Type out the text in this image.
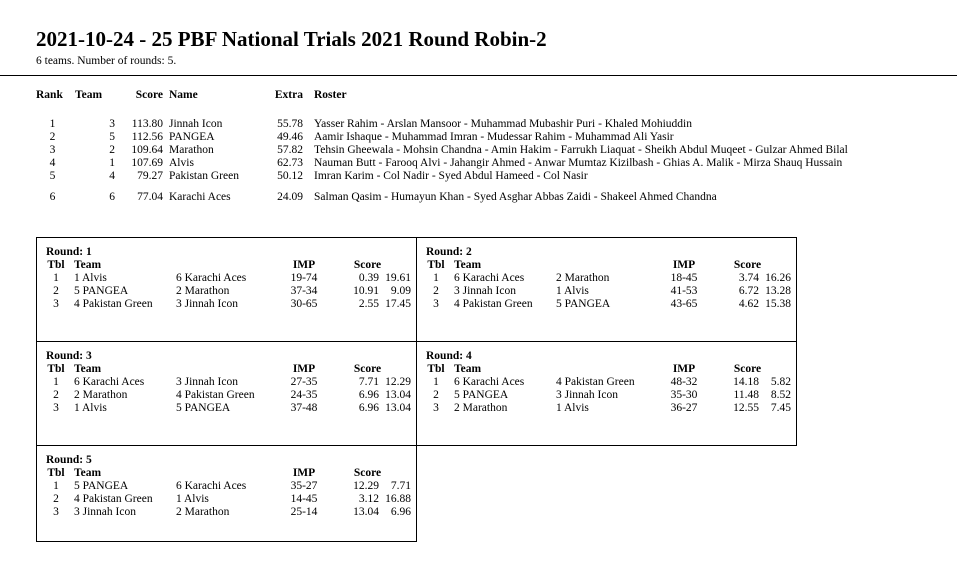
2021-10-24 - 25 PBF National Trials 2021 Round Robin-2
6 teams. Number of rounds: 5.
Rank	Team	Score	Name	Extra	Roster

1	3	113.80	Jinnah Icon	55.78	Yasser Rahim - Arslan Mansoor - Muhammad Mubashir Puri - Khaled Mohiuddin
2	5	112.56	PANGEA	49.46	Aamir Ishaque - Muhammad Imran - Mudessar Rahim - Muhammad Ali Yasir
3	2	109.64	Marathon	57.82	Tehsin Gheewala - Mohsin Chandna - Amin Hakim - Farrukh Liaquat - Sheikh Abdul Muqeet - Gulzar Ahmed Bilal
4	1	107.69	Alvis	62.73	Nauman Butt - Farooq Alvi - Jahangir Ahmed - Anwar Mumtaz Kizilbash - Ghias A. Malik - Mirza Shauq Hussain
5	4	79.27	Pakistan Green	50.12	Imran Karim - Col Nadir - Syed Abdul Hameed - Col Nasir

6	6	77.04	Karachi Aces	24.09	Salman Qasim - Humayun Khan - Syed Asghar Abbas Zaidi - Shakeel Ahmed Chandna
Round: 1
Tbl	Team		IMP	Score	
1	1 Alvis	6 Karachi Aces	19-74	0.39	19.61
2	5 PANGEA	2 Marathon	37-34	10.91	9.09
3	4 Pakistan Green	3 Jinnah Icon	30-65	2.55	17.45
Round: 2
Tbl	Team		IMP	Score	
1	6 Karachi Aces	2 Marathon	18-45	3.74	16.26
2	3 Jinnah Icon	1 Alvis	41-53	6.72	13.28
3	4 Pakistan Green	5 PANGEA	43-65	4.62	15.38
Round: 3
Tbl	Team		IMP	Score	
1	6 Karachi Aces	3 Jinnah Icon	27-35	7.71	12.29
2	2 Marathon	4 Pakistan Green	24-35	6.96	13.04
3	1 Alvis	5 PANGEA	37-48	6.96	13.04
Round: 4
Tbl	Team		IMP	Score	
1	6 Karachi Aces	4 Pakistan Green	48-32	14.18	5.82
2	5 PANGEA	3 Jinnah Icon	35-30	11.48	8.52
3	2 Marathon	1 Alvis	36-27	12.55	7.45
Round: 5
Tbl	Team		IMP	Score	
1	5 PANGEA	6 Karachi Aces	35-27	12.29	7.71
2	4 Pakistan Green	1 Alvis	14-45	3.12	16.88
3	3 Jinnah Icon	2 Marathon	25-14	13.04	6.96
